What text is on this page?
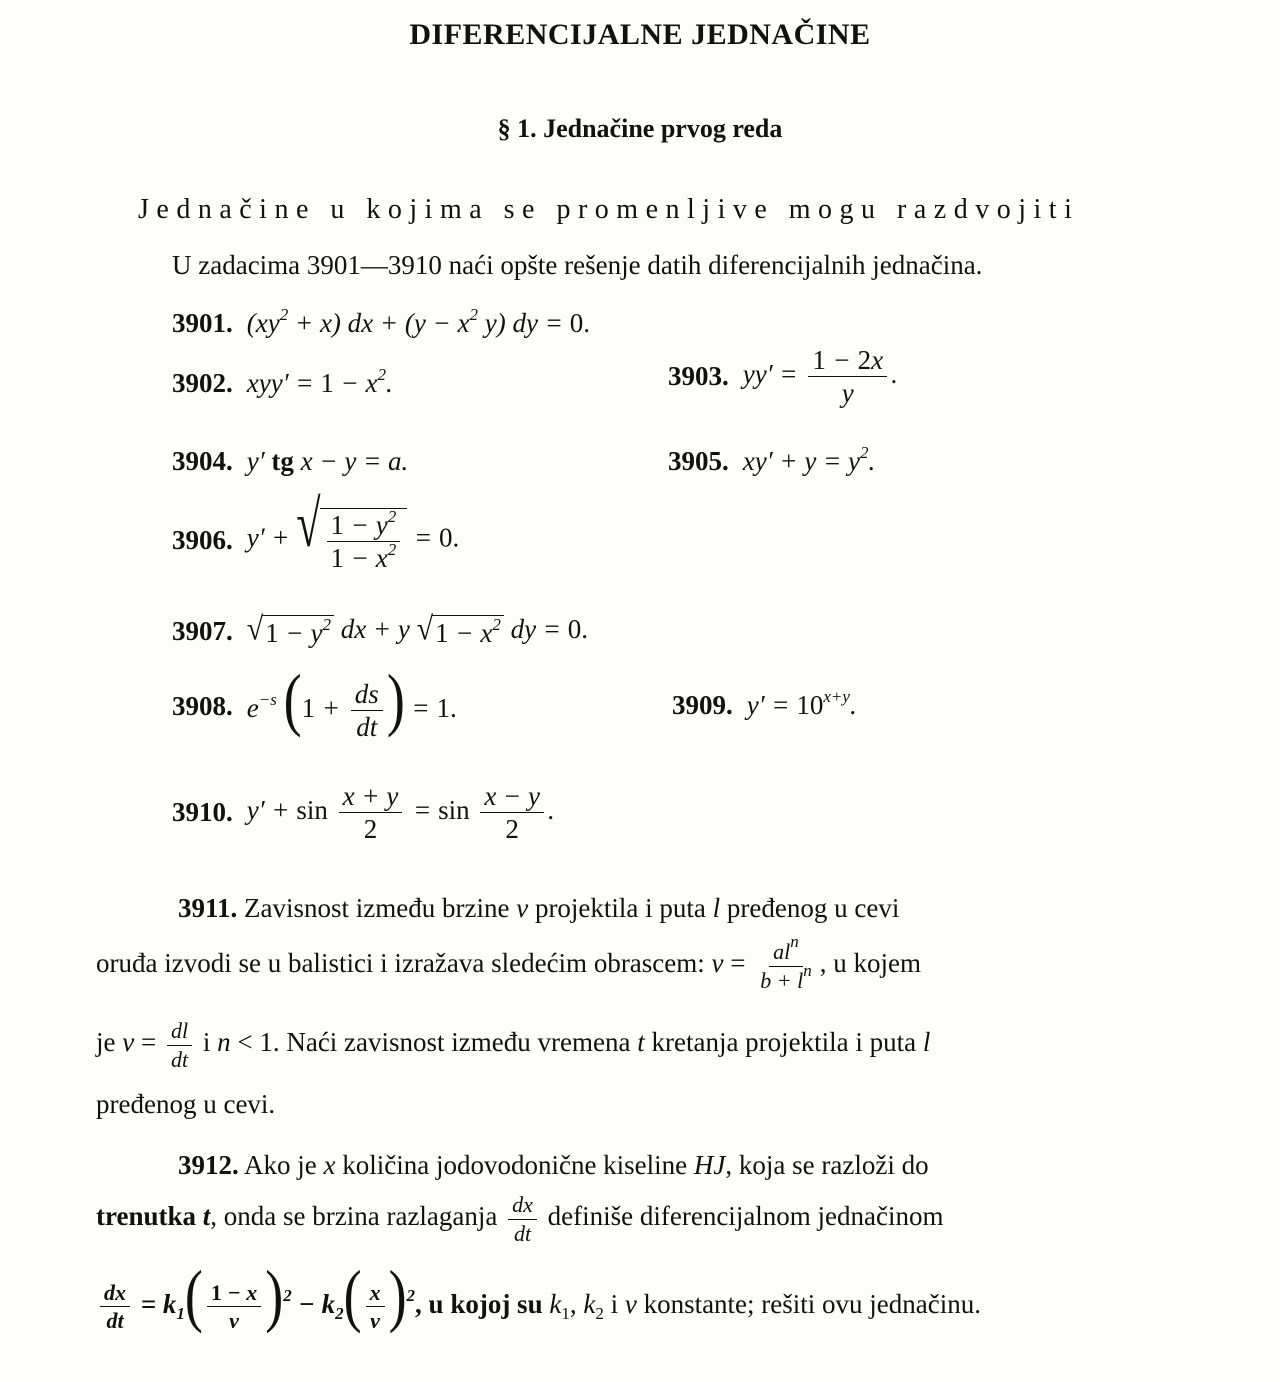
DIFERENCIJALNE JEDNAČINE
§ 1. Jednačine prvog reda
Jednačine u kojima se promenljive mogu razdvojiti
U zadacima 3901—3910 naći opšte rešenje datih diferencijalnih jednačina.
3901. $(xy^2 + x)$ dx + ($y - x^2$ y) dy = 0.
3902. $xyy' = 1 - x^2$.	3903. $yy' = \frac{1 - 2x}{y}$ .
3904. y′ tg x − y = a.	3905. $xy' + y = y^2$.
3906. y′ + √ $\frac{1 - y^2}{1 - x^2} = 0$.
3907. √ $1 - y^2$ dx + y √ $1 - x^2$ dy = 0.
3908. $e^{-s}$ ($1 + \frac{ds}{dt}$ ) = 1.	3909. $y' = 10^{x+y}$.
3910. $y' + \sin \frac{x + y}{2} = \sin \frac{x - y}{2}$ .
3911. Zavisnost između brzine v projektila i puta l pređenog u cevi
oruđa izvodi se u balistici i izražava sledećim obrascem: $v = \frac{al^n}{b + l^n}$ , u kojem
je $v = \frac{dl}{dt}$ i n < 1. Naći zavisnost između vremena t kretanja projektila i puta l
pređenog u cevi.
3912. Ako je x količina jodovodonične kiseline HJ, koja se razloži do
trenutka t, onda se brzina razlaganja $\frac{dx}{dt}$ definiše diferencijalnom jednačinom
$\frac{dx}{dt} = k_1( \frac{1 - x}{v} )^2 - k_2( \frac{x}{v} )^2$, u kojoj su $k_1$, $k_2$ i v konstante; rešiti ovu jednačinu.
